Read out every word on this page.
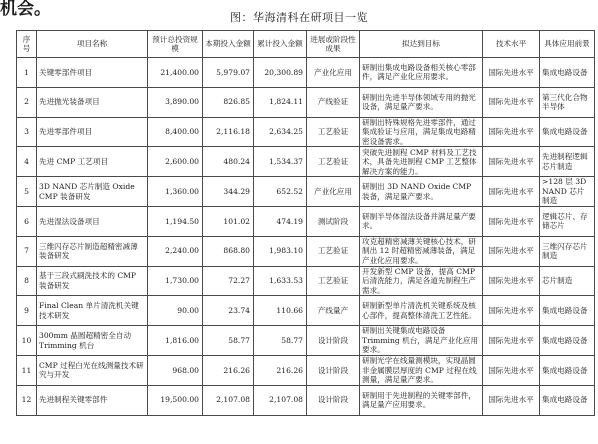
机会。	图：华海清科在研项目一览
序号	项目名称	预计总投资规模	本期投入金额	累计投入金额	进展或阶段性成果	拟达到目标	技术水平	具体应用前景
1	关键零部件项目	21,400.00	5,979.07	20,300.89	产业化应用	研制出集成电路设备相关核心零部件，满足产业化应用要求。	国际先进水平	集成电路设备
2	先进抛光装备项目	3,890.00	826.85	1,824.11	产线验证	研制出先进半导体领域专用的抛光设备，满足量产要求。	国际先进水平	第三代化合物半导体
3	先进零部件项目	8,400.00	2,116.18	2,634.25	工艺验证	研制出特殊规格先进零部件，通过集成验证与应用，满足集成电路精密设备需求。	国际先进水平	集成电路设备
4	先进 CMP 工艺项目	2,600.00	480.24	1,534.37	工艺验证	突破先进制程 CMP 材料及工艺技术，具备先进制程 CMP 工艺整体解决方案的能力。	国际先进水平	先进制程逻辑芯片制造
5	3D NAND 芯片制造 Oxide CMP 装备研发	1,360.00	344.29	652.52	产业化应用	研制出 3D NAND Oxide CMP 装备，满足量产要求。	国际先进水平	>128 层 3D NAND 芯片制造
6	先进湿法设备项目	1,194.50	101.02	474.19	测试阶段	研制半导体湿法设备并满足量产要求。	国际先进水平	逻辑芯片、存储芯片
7	三维闪存芯片制造超精密减薄装备研发	2,240.00	868.80	1,983.10	工艺验证	攻克超精密减薄关键核心技术，研制出 12 时超精密减薄装备，满足产业化应用要求。	国际先进水平	三维闪存芯片制造
8	基于三段式刷洗技术的 CMP 装备研发	1,730.00	72.27	1,633.53	工艺验证	开发新型 CMP 设备，提高 CMP 后清洗能力，满足各道先制程生产需求。	国际先进水平	芯片制造
9	Final Clean 单片清洗机关键技术研发	90.00	23.74	110.66	产线量产	研制新型单片清洗机关键系统及核心部件，提高整体清洗工艺性能。	国际先进水平	集成电路设备
10	300mm 晶圆超精密全自动 Trimming 机台	1,816.00	58.77	58.77	设计阶段	研制出关键集成电路设备 Trimming 机台，满足产业化应用要求。	国际先进水平	集成电路设备
11	CMP 过程白光在线测量技术研究与开发	968.00	216.26	216.26	设计阶段	研制光学在线量测模块，实现晶圆非金属膜层厚度的 CMP 过程在线测量，满足量产要求。	国际先进水平	集成电路设备
12	先进制程关键零部件	19,500.00	2,107.08	2,107.08	设计阶段	研制用于先进制程的关键零部件，满足量产应用要求。	国际先进水平	集成电路设备
